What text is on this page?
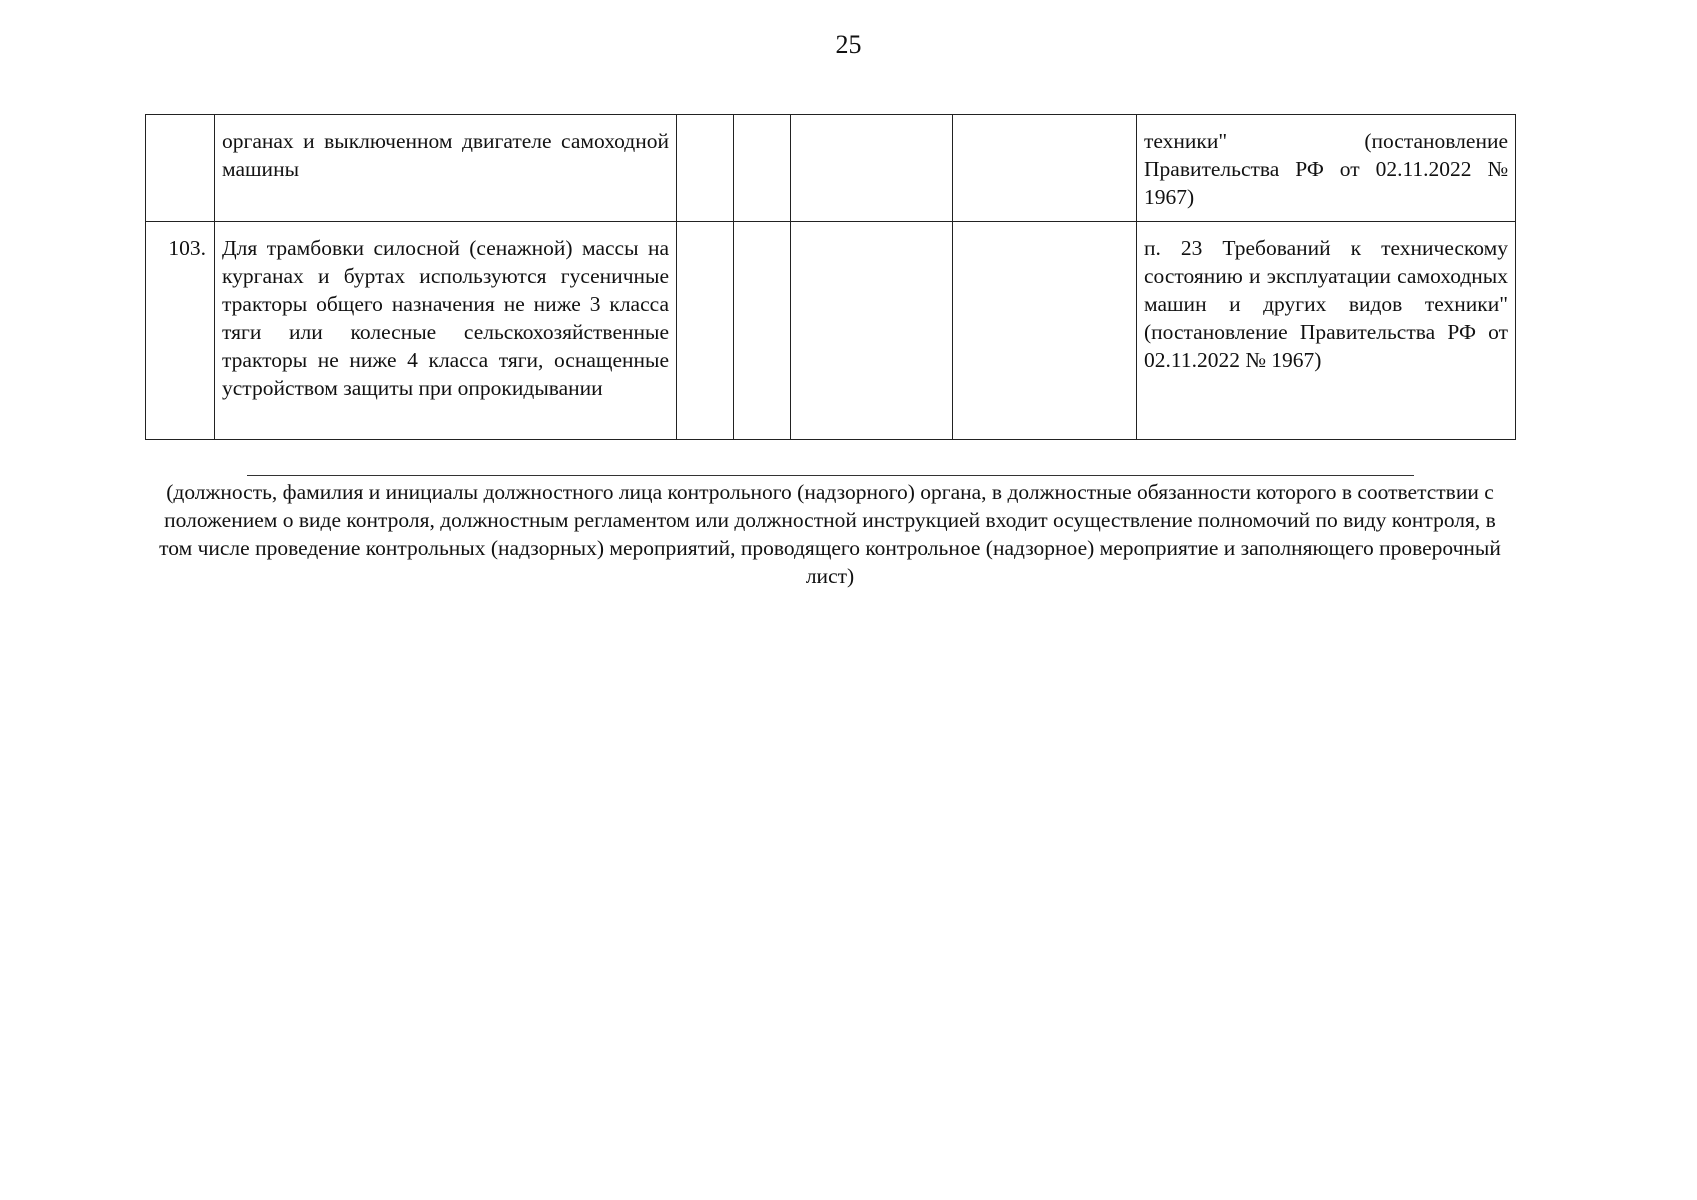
25
	органах и выключенном двигателе самоходной машины					техники" (постановление Правительства РФ от 02.11.2022 № 1967)
103.	Для трамбовки силосной (сенажной) массы на курганах и буртах используются гусеничные тракторы общего назначения не ниже 3 класса тяги или колесные сельскохозяйственные тракторы не ниже 4 класса тяги, оснащенные устройством защиты при опрокидывании					п. 23 Требований к техническому состоянию и эксплуатации самоходных машин и других видов техники" (постановление Правительства РФ от 02.11.2022 № 1967)
(должность, фамилия и инициалы должностного лица контрольного (надзорного) органа, в должностные обязанности которого в соответствии с положением о виде контроля, должностным регламентом или должностной инструкцией входит осуществление полномочий по виду контроля, в том числе проведение контрольных (надзорных) мероприятий, проводящего контрольное (надзорное) мероприятие и заполняющего проверочный лист)
